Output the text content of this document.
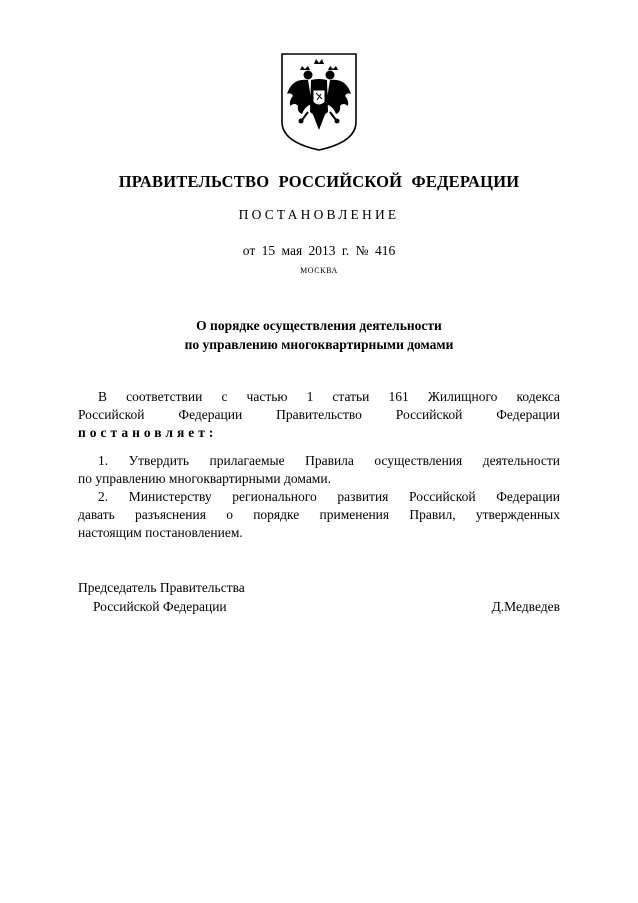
ПРАВИТЕЛЬСТВО РОССИЙСКОЙ ФЕДЕРАЦИИ
ПОСТАНОВЛЕНИЕ
от 15 мая 2013 г. № 416
МОСКВА
О порядке осуществления деятельности
по управлению многоквартирными домами
В соответствии с частью 1 статьи 161 Жилищного кодекса
Российской Федерации Правительство Российской Федерации
постановляет:
1. Утвердить прилагаемые Правила осуществления деятельности
по управлению многоквартирными домами.
2. Министерству регионального развития Российской Федерации
давать разъяснения о порядке применения Правил, утвержденных
настоящим постановлением.
Председатель Правительства
Российской Федерации	Д.Медведев
